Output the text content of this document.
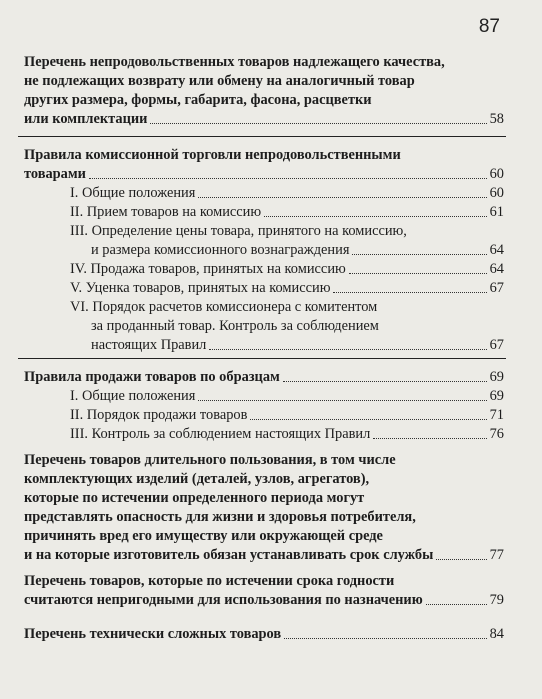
87
Перечень непродовольственных товаров надлежащего качества,
не подлежащих возврату или обмену на аналогичный товар
других размера, формы, габарита, фасона, расцветки
или комплектации	58
Правила комиссионной торговли непродовольственными
товарами	60
I. Общие положения	60
II. Прием товаров на комиссию	61
III. Определение цены товара, принятого на комиссию,
и размера комиссионного вознаграждения	64
IV. Продажа товаров, принятых на комиссию	64
V. Уценка товаров, принятых на комиссию	67
VI. Порядок расчетов комиссионера с комитентом
за проданный товар. Контроль за соблюдением
настоящих Правил	67
Правила продажи товаров по образцам	69
I. Общие положения	69
II. Порядок продажи товаров	71
III. Контроль за соблюдением настоящих Правил	76
Перечень товаров длительного пользования, в том числе
комплектующих изделий (деталей, узлов, агрегатов),
которые по истечении определенного периода могут
представлять опасность для жизни и здоровья потребителя,
причинять вред его имуществу или окружающей среде
и на которые изготовитель обязан устанавливать срок службы	77
Перечень товаров, которые по истечении срока годности
считаются непригодными для использования по назначению	79
Перечень технически сложных товаров	84
